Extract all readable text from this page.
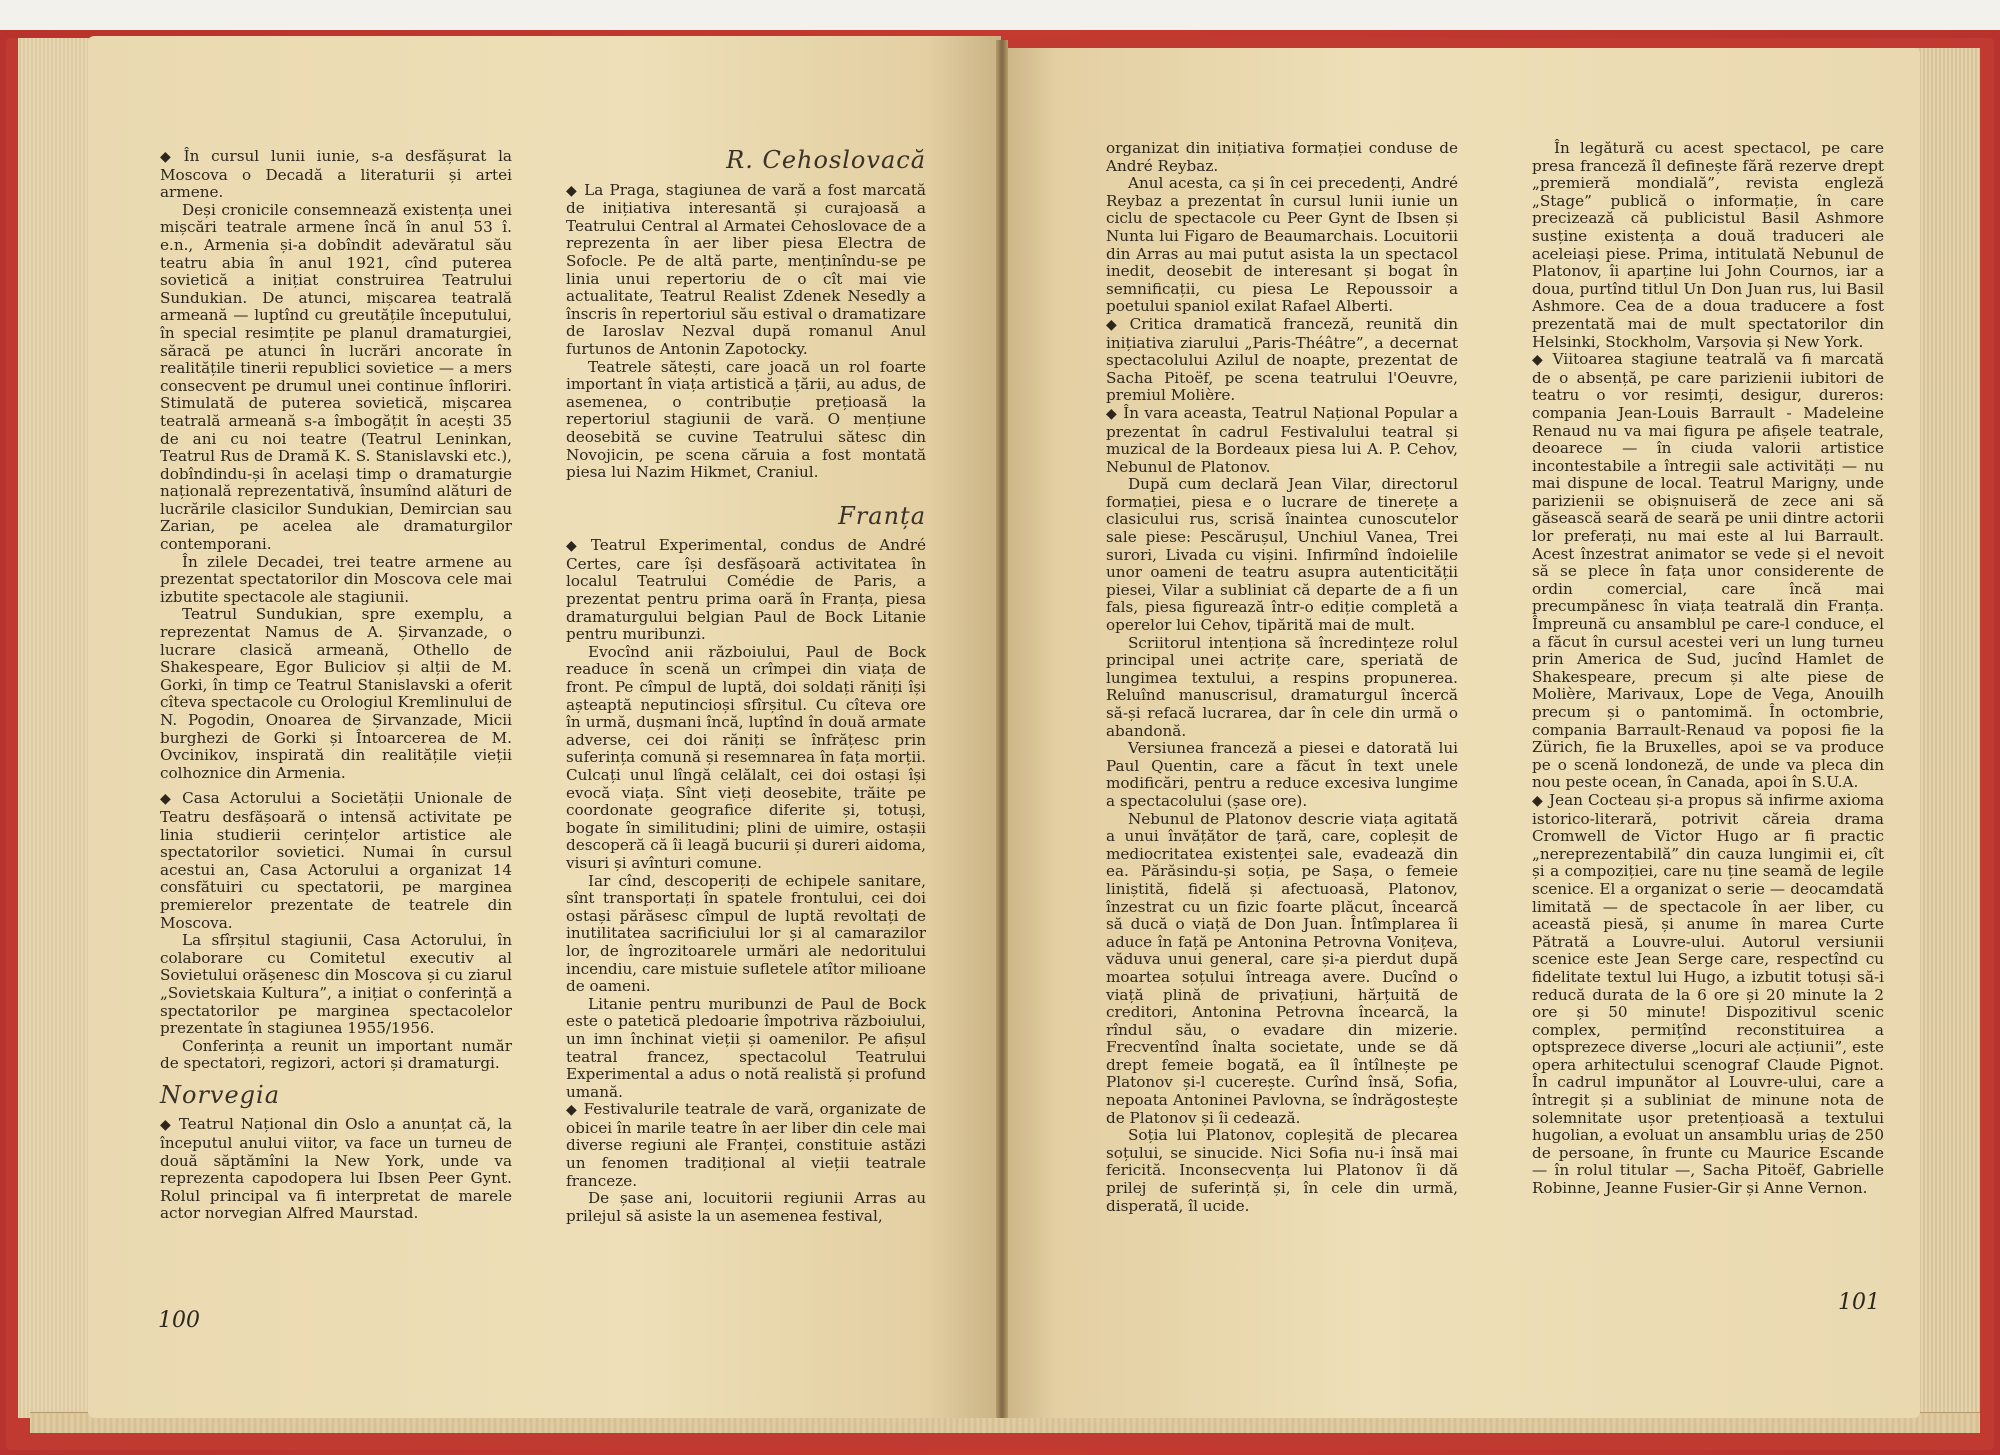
◆ În cursul lunii iunie, s-a desfășurat la Moscova o Decadă a literaturii și artei armene.

Deși cronicile consemnează existența unei mișcări teatrale armene încă în anul 53 î. e.n., Armenia și-a dobîndit adevăratul său teatru abia în anul 1921, cînd puterea sovietică a inițiat construirea Teatrului Sundukian. De atunci, mișcarea teatrală armeană — luptînd cu greutățile începutului, în special resimțite pe planul dramaturgiei, săracă pe atunci în lucrări ancorate în realitățile tinerii republici sovietice — a mers consecvent pe drumul unei continue înfloriri. Stimulată de puterea sovietică, mișcarea teatrală armeană s-a îmbogățit în acești 35 de ani cu noi teatre (Teatrul Leninkan, Teatrul Rus de Dramă K. S. Stanislavski etc.), dobîndindu-și în același timp o dramaturgie națională reprezentativă, însumînd alături de lucrările clasicilor Sundukian, Demircian sau Zarian, pe acelea ale dramaturgilor contemporani.

În zilele Decadei, trei teatre armene au prezentat spectatorilor din Moscova cele mai izbutite spectacole ale stagiunii.

Teatrul Sundukian, spre exemplu, a reprezentat Namus de A. Șirvanzade, o lucrare clasică armeană, Othello de Shakespeare, Egor Buliciov și alții de M. Gorki, în timp ce Teatrul Stanislavski a oferit cîteva spectacole cu Orologiul Kremlinului de N. Pogodin, Onoarea de Șirvanzade, Micii burghezi de Gorki și Întoarcerea de M. Ovcinikov, inspirată din realitățile vieții colhoznice din Armenia.

◆ Casa Actorului a Societății Unionale de Teatru desfășoară o intensă activitate pe linia studierii cerințelor artistice ale spectatorilor sovietici. Numai în cursul acestui an, Casa Actorului a organizat 14 consfătuiri cu spectatorii, pe marginea premierelor prezentate de teatrele din Moscova.

La sfîrșitul stagiunii, Casa Actorului, în colaborare cu Comitetul executiv al Sovietului orășenesc din Moscova și cu ziarul „Sovietskaia Kultura”, a inițiat o conferință a spectatorilor pe marginea spectacolelor prezentate în stagiunea 1955/1956.

Conferința a reunit un important număr de spectatori, regizori, actori și dramaturgi.

Norvegia

◆ Teatrul Național din Oslo a anunțat că, la începutul anului viitor, va face un turneu de două săptămîni la New York, unde va reprezenta capodopera lui Ibsen Peer Gynt. Rolul principal va fi interpretat de marele actor norvegian Alfred Maurstad.

R. Cehoslovacă

◆ La Praga, stagiunea de vară a fost marcată de inițiativa interesantă și curajoasă a Teatrului Central al Armatei Cehoslovace de a reprezenta în aer liber piesa Electra de Sofocle. Pe de altă parte, menținîndu-se pe linia unui repertoriu de o cît mai vie actualitate, Teatrul Realist Zdenek Nesedly a înscris în repertoriul său estival o dramatizare de Iaroslav Nezval după romanul Anul furtunos de Antonin Zapotocky.

Teatrele sătești, care joacă un rol foarte important în viața artistică a țării, au adus, de asemenea, o contribuție prețioasă la repertoriul stagiunii de vară. O mențiune deosebită se cuvine Teatrului sătesc din Novojicin, pe scena căruia a fost montată piesa lui Nazim Hikmet, Craniul.

Franța

◆ Teatrul Experimental, condus de André Certes, care își desfășoară activitatea în localul Teatrului Comédie de Paris, a prezentat pentru prima oară în Franța, piesa dramaturgului belgian Paul de Bock Litanie pentru muribunzi.

Evocînd anii războiului, Paul de Bock readuce în scenă un crîmpei din viața de front. Pe cîmpul de luptă, doi soldați răniți își așteaptă neputincioși sfîrșitul. Cu cîteva ore în urmă, dușmani încă, luptînd în două armate adverse, cei doi răniți se înfrățesc prin suferința comună și resemnarea în fața morții. Culcați unul lîngă celălalt, cei doi ostași își evocă viața. Sînt vieți deosebite, trăite pe coordonate geografice diferite și, totuși, bogate în similitudini; plini de uimire, ostașii descoperă că îi leagă bucurii și dureri aidoma, visuri și avînturi comune.

Iar cînd, descoperiți de echipele sanitare, sînt transportați în spatele frontului, cei doi ostași părăsesc cîmpul de luptă revoltați de inutilitatea sacrificiului lor și al camarazilor lor, de îngrozitoarele urmări ale nedoritului incendiu, care mistuie sufletele atîtor milioane de oameni.

Litanie pentru muribunzi de Paul de Bock este o patetică pledoarie împotriva războiului, un imn închinat vieții și oamenilor. Pe afișul teatral francez, spectacolul Teatrului Experimental a adus o notă realistă și profund umană.

◆ Festivalurile teatrale de vară, organizate de obicei în marile teatre în aer liber din cele mai diverse regiuni ale Franței, constituie astăzi un fenomen tradițional al vieții teatrale franceze.

De șase ani, locuitorii regiunii Arras au prilejul să asiste la un asemenea festival,

organizat din inițiativa formației conduse de André Reybaz.

Anul acesta, ca și în cei precedenți, André Reybaz a prezentat în cursul lunii iunie un ciclu de spectacole cu Peer Gynt de Ibsen și Nunta lui Figaro de Beaumarchais. Locuitorii din Arras au mai putut asista la un spectacol inedit, deosebit de interesant și bogat în semnificații, cu piesa Le Repoussoir a poetului spaniol exilat Rafael Alberti.

◆ Critica dramatică franceză, reunită din inițiativa ziarului „Paris-Théâtre”, a decernat spectacolului Azilul de noapte, prezentat de Sacha Pitoëf, pe scena teatrului l'Oeuvre, premiul Molière.

◆ În vara aceasta, Teatrul Național Popular a prezentat în cadrul Festivalului teatral și muzical de la Bordeaux piesa lui A. P. Cehov, Nebunul de Platonov.

După cum declară Jean Vilar, directorul formației, piesa e o lucrare de tinerețe a clasicului rus, scrisă înaintea cunoscutelor sale piese: Pescărușul, Unchiul Vanea, Trei surori, Livada cu vișini. Infirmînd îndoielile unor oameni de teatru asupra autenticității piesei, Vilar a subliniat că departe de a fi un fals, piesa figurează într-o ediție completă a operelor lui Cehov, tipărită mai de mult.

Scriitorul intenționa să încredințeze rolul principal unei actrițe care, speriată de lungimea textului, a respins propunerea. Reluînd manuscrisul, dramaturgul încercă să-și refacă lucrarea, dar în cele din urmă o abandonă.

Versiunea franceză a piesei e datorată lui Paul Quentin, care a făcut în text unele modificări, pentru a reduce excesiva lungime a spectacolului (șase ore).

Nebunul de Platonov descrie viața agitată a unui învățător de țară, care, copleșit de mediocritatea existenței sale, evadează din ea. Părăsindu-și soția, pe Sașa, o femeie liniștită, fidelă și afectuoasă, Platonov, înzestrat cu un fizic foarte plăcut, încearcă să ducă o viață de Don Juan. Întîmplarea îi aduce în față pe Antonina Petrovna Vonițeva, văduva unui general, care și-a pierdut după moartea soțului întreaga avere. Ducînd o viață plină de privațiuni, hărțuită de creditori, Antonina Petrovna încearcă, la rîndul său, o evadare din mizerie. Frecventînd înalta societate, unde se dă drept femeie bogată, ea îl întîlnește pe Platonov și-l cucerește. Curînd însă, Sofia, nepoata Antoninei Pavlovna, se îndrăgostește de Platonov și îi cedează.

Soția lui Platonov, copleșită de plecarea soțului, se sinucide. Nici Sofia nu-i însă mai fericită. Inconsecvența lui Platonov îi dă prilej de suferință și, în cele din urmă, disperată, îl ucide.

În legătură cu acest spectacol, pe care presa franceză îl definește fără rezerve drept „premieră mondială”, revista engleză „Stage” publică o informație, în care precizează că publicistul Basil Ashmore susține existența a două traduceri ale aceleiași piese. Prima, intitulată Nebunul de Platonov, îi aparține lui John Cournos, iar a doua, purtînd titlul Un Don Juan rus, lui Basil Ashmore. Cea de a doua traducere a fost prezentată mai de mult spectatorilor din Helsinki, Stockholm, Varșovia și New York.

◆ Viitoarea stagiune teatrală va fi marcată de o absență, pe care parizienii iubitori de teatru o vor resimți, desigur, dureros: compania Jean-Louis Barrault - Madeleine Renaud nu va mai figura pe afișele teatrale, deoarece — în ciuda valorii artistice incontestabile a întregii sale activități — nu mai dispune de local. Teatrul Marigny, unde parizienii se obișnuiseră de zece ani să găsească seară de seară pe unii dintre actorii lor preferați, nu mai este al lui Barrault. Acest înzestrat animator se vede și el nevoit să se plece în fața unor considerente de ordin comercial, care încă mai precumpănesc în viața teatrală din Franța. Împreună cu ansamblul pe care-l conduce, el a făcut în cursul acestei veri un lung turneu prin America de Sud, jucînd Hamlet de Shakespeare, precum și alte piese de Molière, Marivaux, Lope de Vega, Anouilh precum și o pantomimă. În octombrie, compania Barrault-Renaud va poposi fie la Zürich, fie la Bruxelles, apoi se va produce pe o scenă londoneză, de unde va pleca din nou peste ocean, în Canada, apoi în S.U.A.

◆ Jean Cocteau și-a propus să infirme axioma istorico-literară, potrivit căreia drama Cromwell de Victor Hugo ar fi practic „nereprezentabilă” din cauza lungimii ei, cît și a compoziției, care nu ține seamă de legile scenice. El a organizat o serie — deocamdată limitată — de spectacole în aer liber, cu această piesă, și anume în marea Curte Pătrată a Louvre-ului. Autorul versiunii scenice este Jean Serge care, respectînd cu fidelitate textul lui Hugo, a izbutit totuși să-i reducă durata de la 6 ore și 20 minute la 2 ore și 50 minute! Dispozitivul scenic complex, permițînd reconstituirea a optsprezece diverse „locuri ale acțiunii”, este opera arhitectului scenograf Claude Pignot. În cadrul impunător al Louvre-ului, care a întregit și a subliniat de minune nota de solemnitate ușor pretențioasă a textului hugolian, a evoluat un ansamblu uriaș de 250 de persoane, în frunte cu Maurice Escande — în rolul titular —, Sacha Pitoëf, Gabrielle Robinne, Jeanne Fusier-Gir și Anne Vernon.

100
101
